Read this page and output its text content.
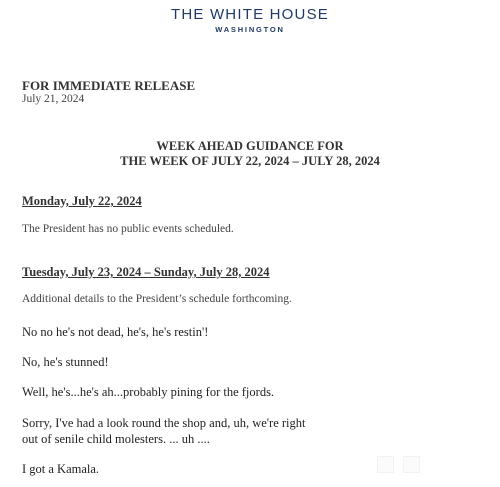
THE WHITE HOUSE
WASHINGTON
FOR IMMEDIATE RELEASE
July 21, 2024
WEEK AHEAD GUIDANCE FOR
THE WEEK OF JULY 22, 2024 – JULY 28, 2024
Monday, July 22, 2024
The President has no public events scheduled.
Tuesday, July 23, 2024 – Sunday, July 28, 2024
Additional details to the President’s schedule forthcoming.
No no he's not dead, he's, he's restin'!
No, he's stunned!
Well, he's...he's ah...probably pining for the fjords.
Sorry, I've had a look round the shop and, uh, we're right
out of senile child molesters. ... uh ....
I got a Kamala.
